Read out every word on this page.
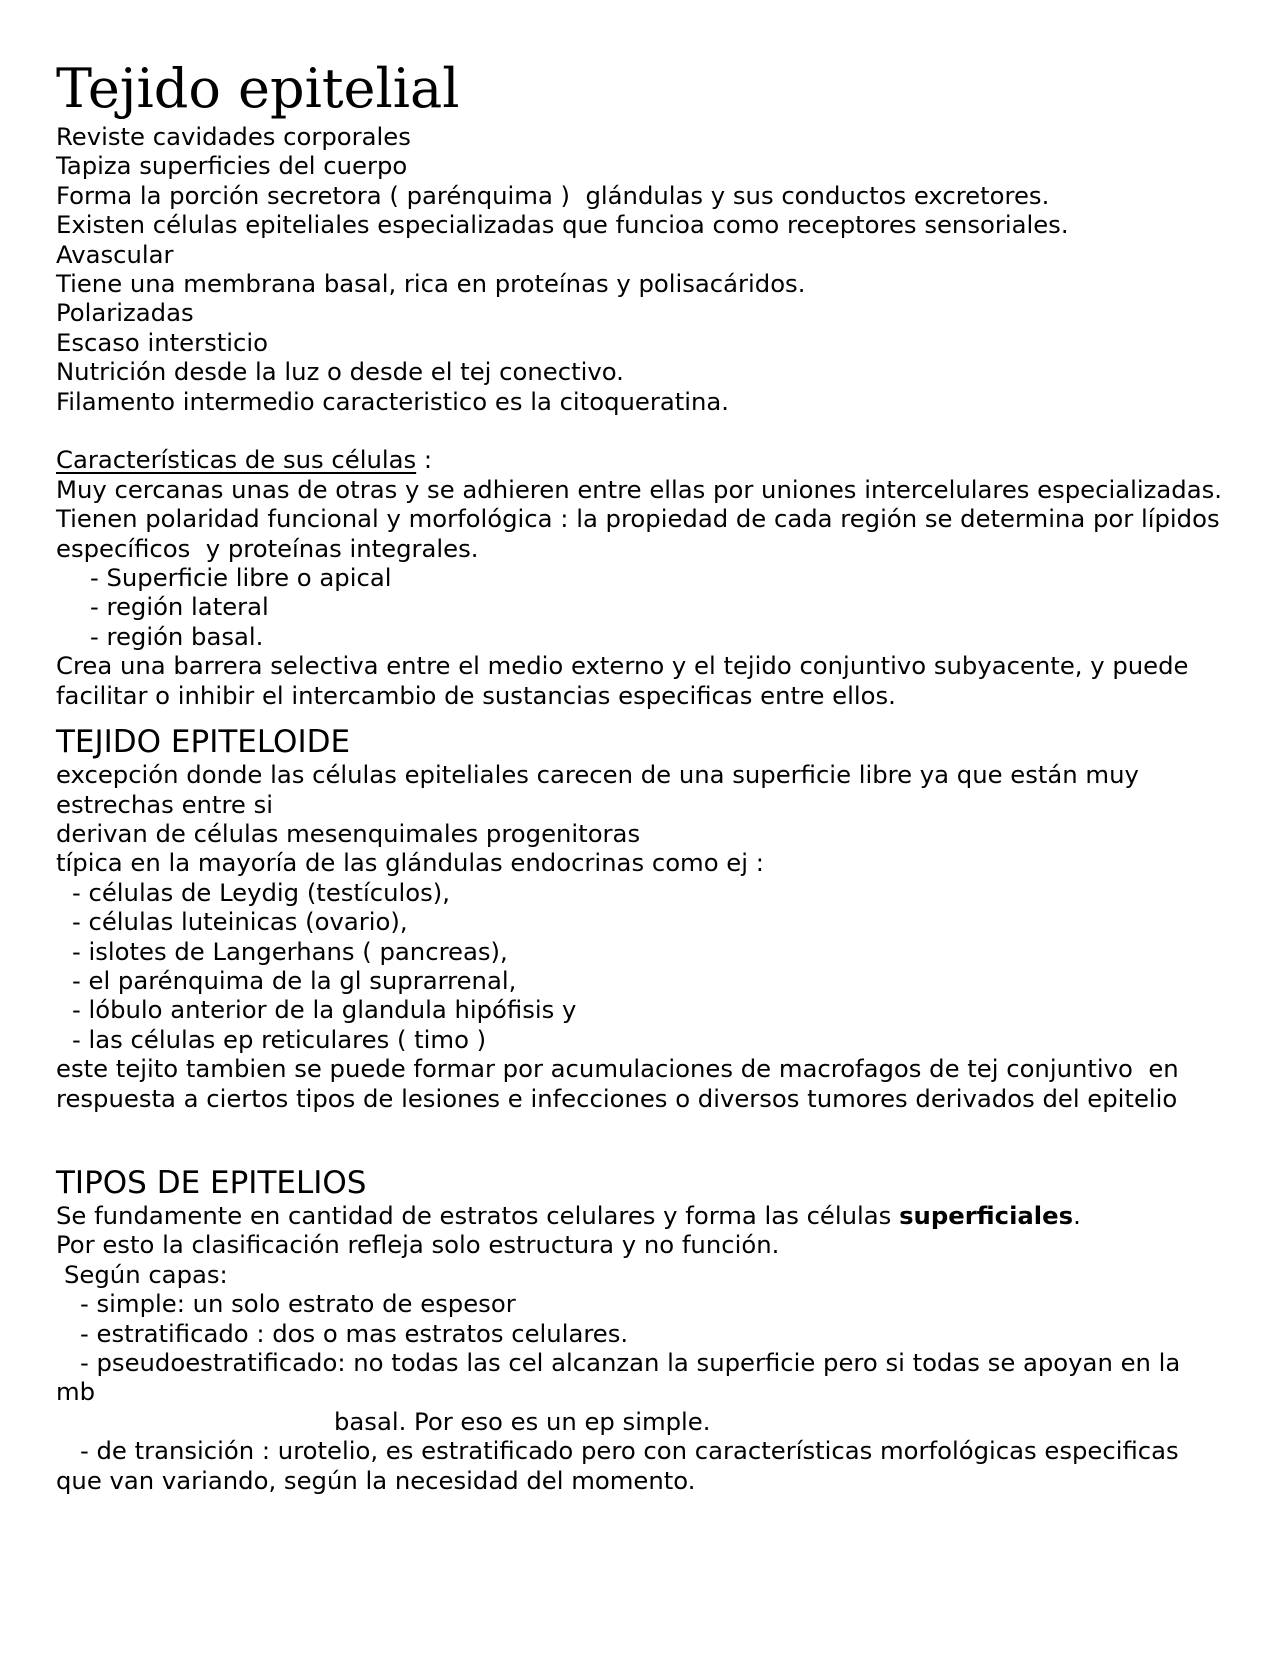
Tejido epitelial

Reviste cavidades corporales

Tapiza superficies del cuerpo

Forma la porción secretora ( parénquima )  glándulas y sus conductos excretores.

Existen células epiteliales especializadas que funcioa como receptores sensoriales.

Avascular

Tiene una membrana basal, rica en proteínas y polisacáridos.

Polarizadas

Escaso intersticio

Nutrición desde la luz o desde el tej conectivo.

Filamento intermedio caracteristico es la citoqueratina.

Características de sus células :

Muy cercanas unas de otras y se adhieren entre ellas por uniones intercelulares especializadas.

Tienen polaridad funcional y morfológica : la propiedad de cada región se determina por lípidos específicos  y proteínas integrales.

- Superficie libre o apical

- región lateral

- región basal.

Crea una barrera selectiva entre el medio externo y el tejido conjuntivo subyacente, y puede facilitar o inhibir el intercambio de sustancias especificas entre ellos.

TEJIDO EPITELOIDE

excepción donde las células epiteliales carecen de una superficie libre ya que están muy estrechas entre si

derivan de células mesenquimales progenitoras

típica en la mayoría de las glándulas endocrinas como ej :

- células de Leydig (testículos),

- células luteinicas (ovario),

- islotes de Langerhans ( pancreas),

- el parénquima de la gl suprarrenal,

- lóbulo anterior de la glandula hipófisis y

- las células ep reticulares ( timo )

este tejito tambien se puede formar por acumulaciones de macrofagos de tej conjuntivo  en respuesta a ciertos tipos de lesiones e infecciones o diversos tumores derivados del epitelio

TIPOS DE EPITELIOS

Se fundamente en cantidad de estratos celulares y forma las células superficiales.

Por esto la clasificación refleja solo estructura y no función.

Según capas:

- simple: un solo estrato de espesor

- estratificado : dos o mas estratos celulares.

- pseudoestratificado: no todas las cel alcanzan la superficie pero si todas se apoyan en la mb

basal. Por eso es un ep simple.

- de transición : urotelio, es estratificado pero con características morfológicas especificas que van variando, según la necesidad del momento.
